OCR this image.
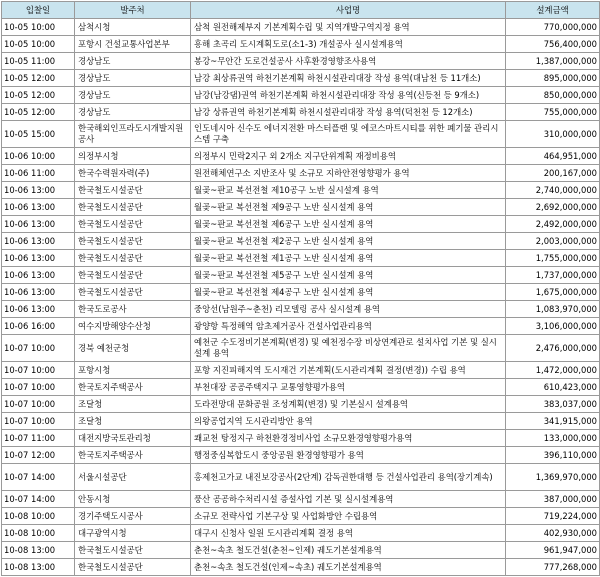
입찰일	발주처	사업명	설계금액
10-05 10:00	삼척시청	삼척 원전해제부지 기본계획수립 및 지역개발구역지정 용역	770,000,000
10-05 10:00	포항시 건설교통사업본부	흥해 초곡리 도시계획도로(소1-3) 개설공사 실시설계용역	756,400,000
10-05 11:00	경상남도	봉강~무안간 도로건설공사 사후환경영향조사용역	1,387,000,000
10-05 12:00	경상남도	남강 최상류권역 하천기본계획 하천시설관리대장 작성 용역(대남천 등 11개소)	895,000,000
10-05 12:00	경상남도	남강(남강댐)권역 하천기본계획 하천시설관리대장 작성 용역(신등천 등 9개소)	850,000,000
10-05 12:00	경상남도	남강 상류권역 하천기본계획 하천시설관리대장 작성 용역(덕천천 등 12개소)	755,000,000
10-05 15:00	한국해외인프라도시개발지원공사	인도네시아 신수도 에너지전환 마스터플랜 및 에코스마트시티를 위한 폐기물 관리시스템 구축	310,000,000
10-06 10:00	의정부시청	의정부시 민락2지구 외 2개소 지구단위계획 재정비용역	464,951,000
10-06 11:00	한국수력원자력(주)	원전해체연구소 지반조사 및 소규모 지하안전영향평가 용역	200,167,000
10-06 13:00	한국철도시설공단	월곶~판교 복선전철 제10공구 노반 실시설계 용역	2,740,000,000
10-06 13:00	한국철도시설공단	월곶~판교 복선전철 제9공구 노반 실시설계 용역	2,692,000,000
10-06 13:00	한국철도시설공단	월곶~판교 복선전철 제6공구 노반 실시설계 용역	2,492,000,000
10-06 13:00	한국철도시설공단	월곶~판교 복선전철 제2공구 노반 실시설계 용역	2,003,000,000
10-06 13:00	한국철도시설공단	월곶~판교 복선전철 제1공구 노반 실시설계 용역	1,755,000,000
10-06 13:00	한국철도시설공단	월곶~판교 복선전철 제5공구 노반 실시설계 용역	1,737,000,000
10-06 13:00	한국철도시설공단	월곶~판교 복선전철 제4공구 노반 실시설계 용역	1,675,000,000
10-06 13:00	한국도로공사	중앙선(남원주~춘천) 리모델링 공사 실시설계 용역	1,083,970,000
10-06 16:00	여수지방해양수산청	광양항 특정해역 암초제거공사 건설사업관리용역	3,106,000,000
10-07 10:00	경북 예천군청	예천군 수도정비기본계획(변경) 및 예천정수장 비상연계관로 설치사업 기본 및 실시설계 용역	2,476,000,000
10-07 10:00	포항시청	포항 지진피해지역 도시재건 기본계획(도시관리계획 결정(변경)) 수립 용역	1,472,000,000
10-07 10:00	한국토지주택공사	부천대장 공공주택지구 교통영향평가용역	610,423,000
10-07 10:00	조달청	도라전망대 문화공원 조성계획(변경) 및 기본실시 설계용역	383,037,000
10-07 10:00	조달청	의왕공업지역 도시관리방안 용역	341,915,000
10-07 11:00	대전지방국토관리청	쾌교천 탕정지구 하천환경정비사업 소규모환경영향평가용역	133,000,000
10-07 12:00	한국토지주택공사	행정중심복합도시 중앙공원 환경영향평가 용역	396,110,000
10-07 14:00	서울시설공단	홍제천고가교 내진보강공사(2단계) 감독권한대행 등 건설사업관리 용역(장기계속)	1,369,970,000
10-07 14:00	안동시청	풍산 공공하수처리시설 증설사업 기본 및 실시설계용역	387,000,000
10-08 10:00	경기주택도시공사	소규모 전략사업 기본구상 및 사업화방안 수립용역	719,224,000
10-08 10:00	대구광역시청	대구시 신청사 일원 도시관리계획 결정 용역	402,930,000
10-08 13:00	한국철도시설공단	춘천~속초 철도건설(춘천~인제) 궤도기본설계용역	961,947,000
10-08 13:00	한국철도시설공단	춘천~속초 철도건설(인제~속초) 궤도기본설계용역	777,268,000
